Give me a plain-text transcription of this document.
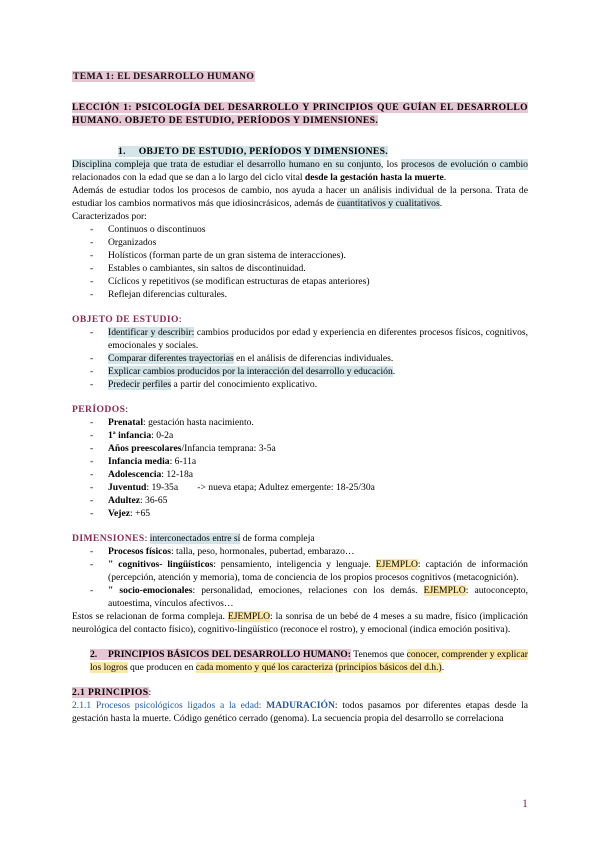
TEMA 1: EL DESARROLLO HUMANO
LECCIÓN 1: PSICOLOGÍA DEL DESARROLLO Y PRINCIPIOS QUE GUÍAN EL DESARROLLO HUMANO. OBJETO DE ESTUDIO, PERÍODOS Y DIMENSIONES.
1. OBJETO DE ESTUDIO, PERÍODOS Y DIMENSIONES.

Disciplina compleja que trata de estudiar el desarrollo humano en su conjunto, los procesos de evolución o cambio relacionados con la edad que se dan a lo largo del ciclo vital desde la gestación hasta la muerte.

Además de estudiar todos los procesos de cambio, nos ayuda a hacer un análisis individual de la persona. Trata de estudiar los cambios normativos más que idiosincrásicos, además de cuantitativos y cualitativos.

Caracterizados por:

- Continuos o discontinuos
- Organizados
- Holísticos (forman parte de un gran sistema de interacciones).
- Estables o cambiantes, sin saltos de discontinuidad.
- Cíclicos y repetitivos (se modifican estructuras de etapas anteriores)
- Reflejan diferencias culturales.
OBJETO DE ESTUDIO:
- Identificar y describir: cambios producidos por edad y experiencia en diferentes procesos físicos, cognitivos, emocionales y sociales.
- Comparar diferentes trayectorias en el análisis de diferencias individuales.
- Explicar cambios producidos por la interacción del desarrollo y educación.
- Predecir perfiles a partir del conocimiento explicativo.
PERÍODOS:
- Prenatal: gestación hasta nacimiento.
- 1ª infancia: 0-2a
- Años preescolares/Infancia temprana: 3-5a
- Infancia media: 6-11a
- Adolescencia: 12-18a
- Juventud: 19-35a        -> nueva etapa; Adultez emergente: 18-25/30a
- Adultez: 36-65
- Vejez: +65
DIMENSIONES: interconectados entre sí de forma compleja
- Procesos físicos: talla, peso, hormonales, pubertad, embarazo…
- " cognitivos- lingüísticos: pensamiento, inteligencia y lenguaje. EJEMPLO: captación de información (percepción, atención y memoria), toma de conciencia de los propios procesos cognitivos (metacognición).
- " socio-emocionales: personalidad, emociones, relaciones con los demás. EJEMPLO: autoconcepto, autoestima, vínculos afectivos…

Estos se relacionan de forma compleja. EJEMPLO: la sonrisa de un bebé de 4 meses a su madre, físico (implicación neurológica del contacto físico), cognitivo-lingüístico (reconoce el rostro), y emocional (indica emoción positiva).

2. PRINCIPIOS BÁSICOS DEL DESARROLLO HUMANO: Tenemos que conocer, comprender y explicar los logros que producen en cada momento y qué los caracteriza (principios básicos del d.h.).

2.1 PRINCIPIOS:

2.1.1 Procesos psicológicos ligados a la edad: MADURACIÓN: todos pasamos por diferentes etapas desde la gestación hasta la muerte. Código genético cerrado (genoma). La secuencia propia del desarrollo se correlaciona

1
